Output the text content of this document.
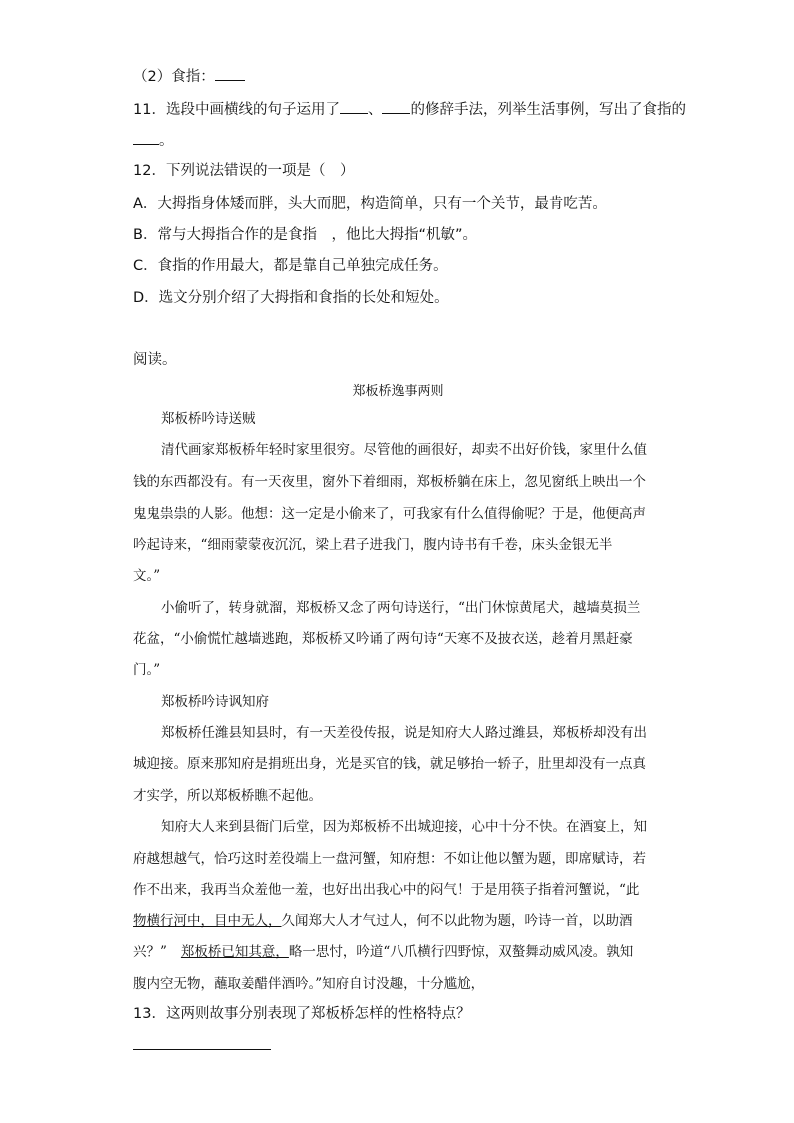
（2）食指：
11．选段中画横线的句子运用了 、 的修辞手法，列举生活事例，写出了食指的
。
12．下列说法错误的一项是（　）
A．大拇指身体矮而胖，头大而肥，构造简单，只有一个关节，最肯吃苦。
B．常与大拇指合作的是食指　，他比大拇指“机敏”。
C．食指的作用最大，都是靠自己单独完成任务。
D．选文分别介绍了大拇指和食指的长处和短处。
阅读。
郑板桥逸事两则
郑板桥吟诗送贼
清代画家郑板桥年轻时家里很穷。尽管他的画很好，却卖不出好价钱，家里什么值
钱的东西都没有。有一天夜里，窗外下着细雨，郑板桥躺在床上，忽见窗纸上映出一个
鬼鬼祟祟的人影。他想：这一定是小偷来了，可我家有什么值得偷呢？于是，他便高声
吟起诗来，“细雨蒙蒙夜沉沉，梁上君子进我门，腹内诗书有千卷，床头金银无半
文。”
小偷听了，转身就溜，郑板桥又念了两句诗送行，“出门休惊黄尾犬，越墙莫损兰
花盆，“小偷慌忙越墙逃跑，郑板桥又吟诵了两句诗“天寒不及披衣送，趁着月黑赶豪
门。”
郑板桥吟诗讽知府
郑板桥任潍县知县时，有一天差役传报，说是知府大人路过潍县，郑板桥却没有出
城迎接。原来那知府是捐班出身，光是买官的钱，就足够抬一轿子，肚里却没有一点真
才实学，所以郑板桥瞧不起他。
知府大人来到县衙门后堂，因为郑板桥不出城迎接，心中十分不快。在酒宴上，知
府越想越气，恰巧这时差役端上一盘河蟹，知府想：不如让他以蟹为题，即席赋诗，若
作不出来，我再当众羞他一羞，也好出出我心中的闷气！于是用筷子指着河蟹说，“此
物横行河中，目中无人，久闻郑大人才气过人，何不以此物为题，吟诗一首，以助酒
兴？” 郑板桥已知其意，略一思忖，吟道“八爪横行四野惊，双螯舞动威风凌。孰知
腹内空无物，蘸取姜醋伴酒吟。”知府自讨没趣，十分尴尬，
13．这两则故事分别表现了郑板桥怎样的性格特点？
